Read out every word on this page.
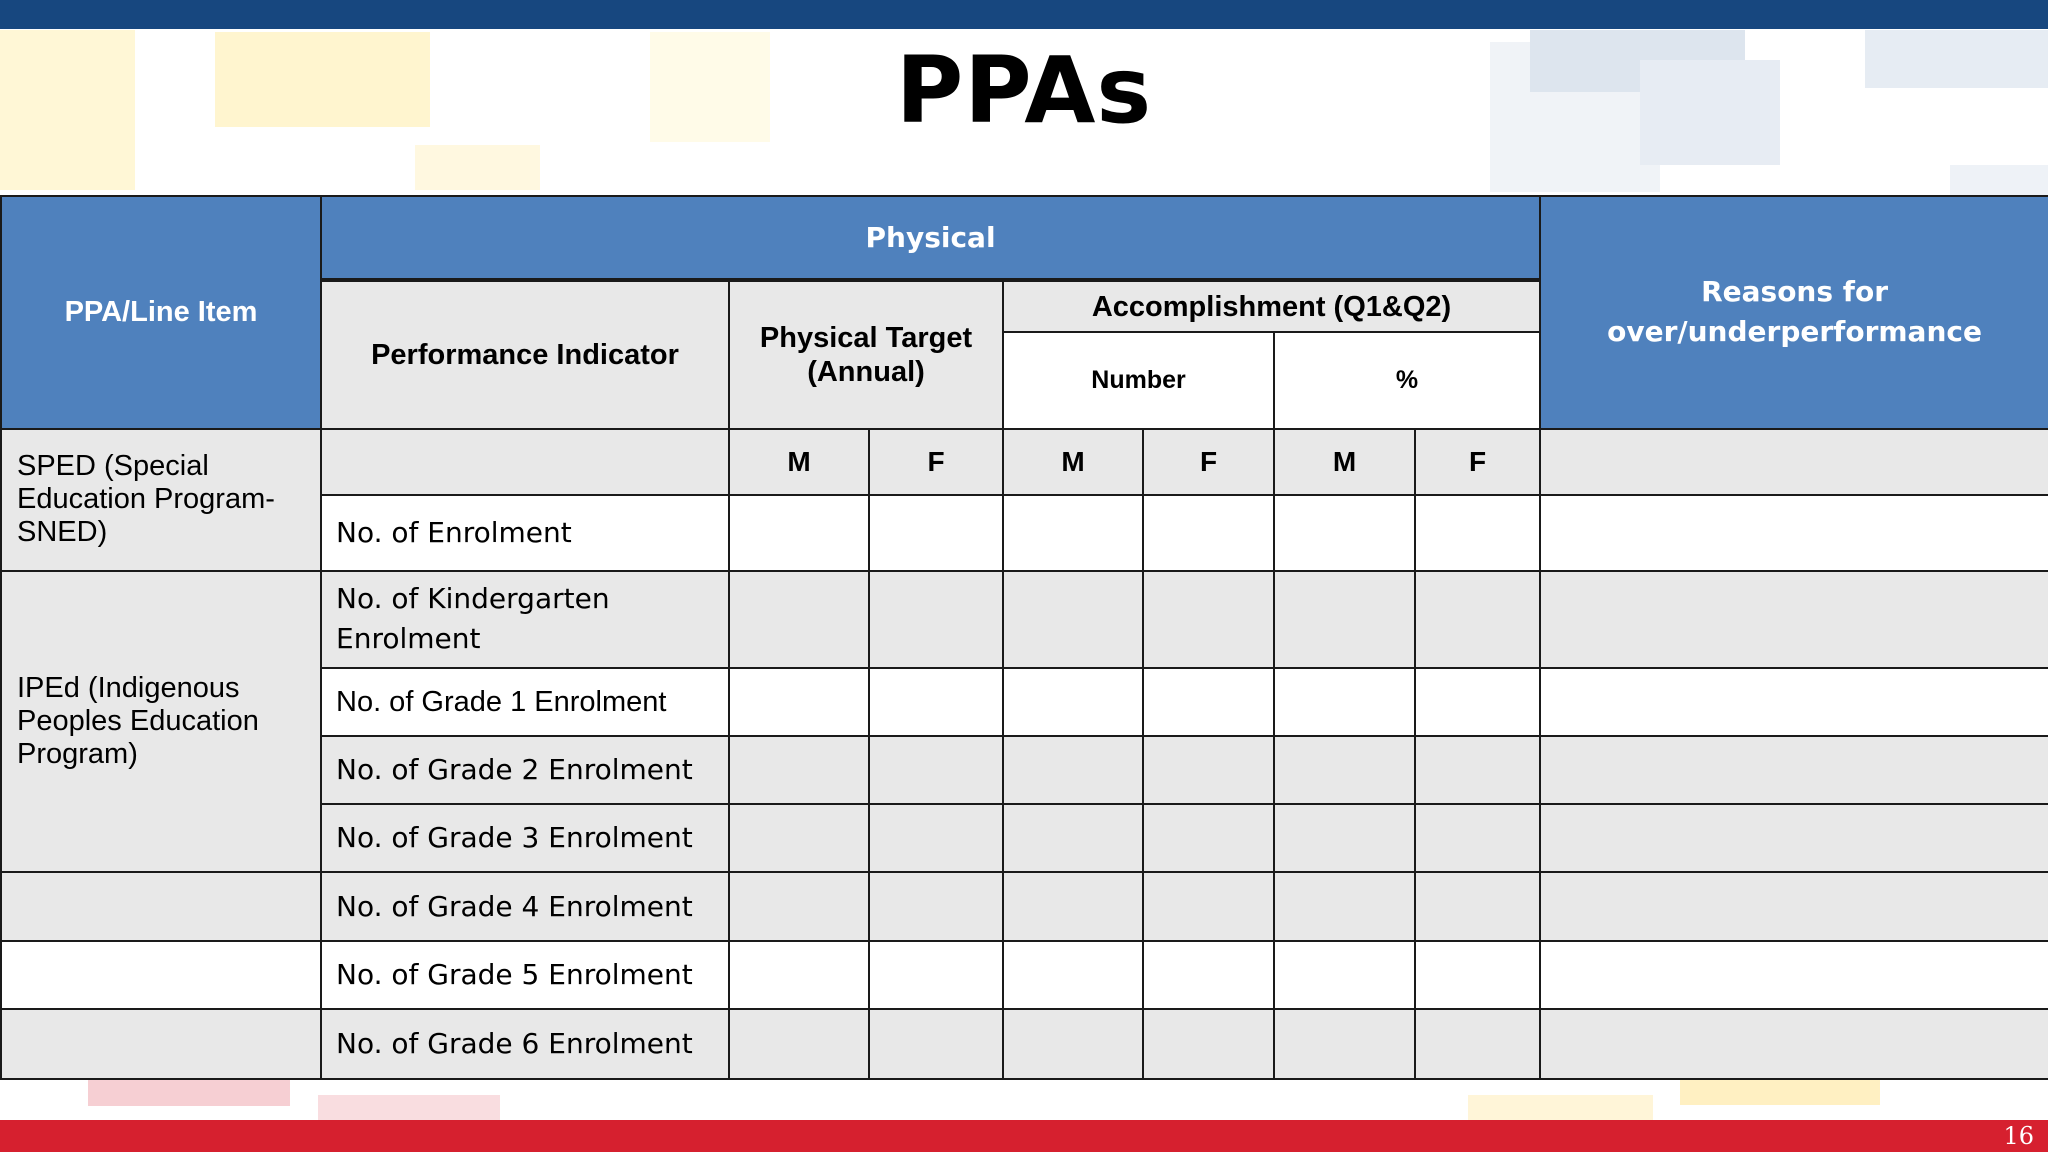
PPAs
PPA/Line Item	Physical							Reasons for over/underperformance
	Performance Indicator	Physical Target (Annual)		Accomplishment (Q1&Q2)				
				Number		%		
SPED (Special Education Program-SNED)		M	F	M	F	M	F	
	No. of Enrolment							
IPEd (Indigenous Peoples Education Program)	No. of Kindergarten Enrolment							
	No. of Grade 1 Enrolment							
	No. of Grade 2 Enrolment							
	No. of Grade 3 Enrolment							
	No. of Grade 4 Enrolment							
	No. of Grade 5 Enrolment							
	No. of Grade 6 Enrolment							
16
